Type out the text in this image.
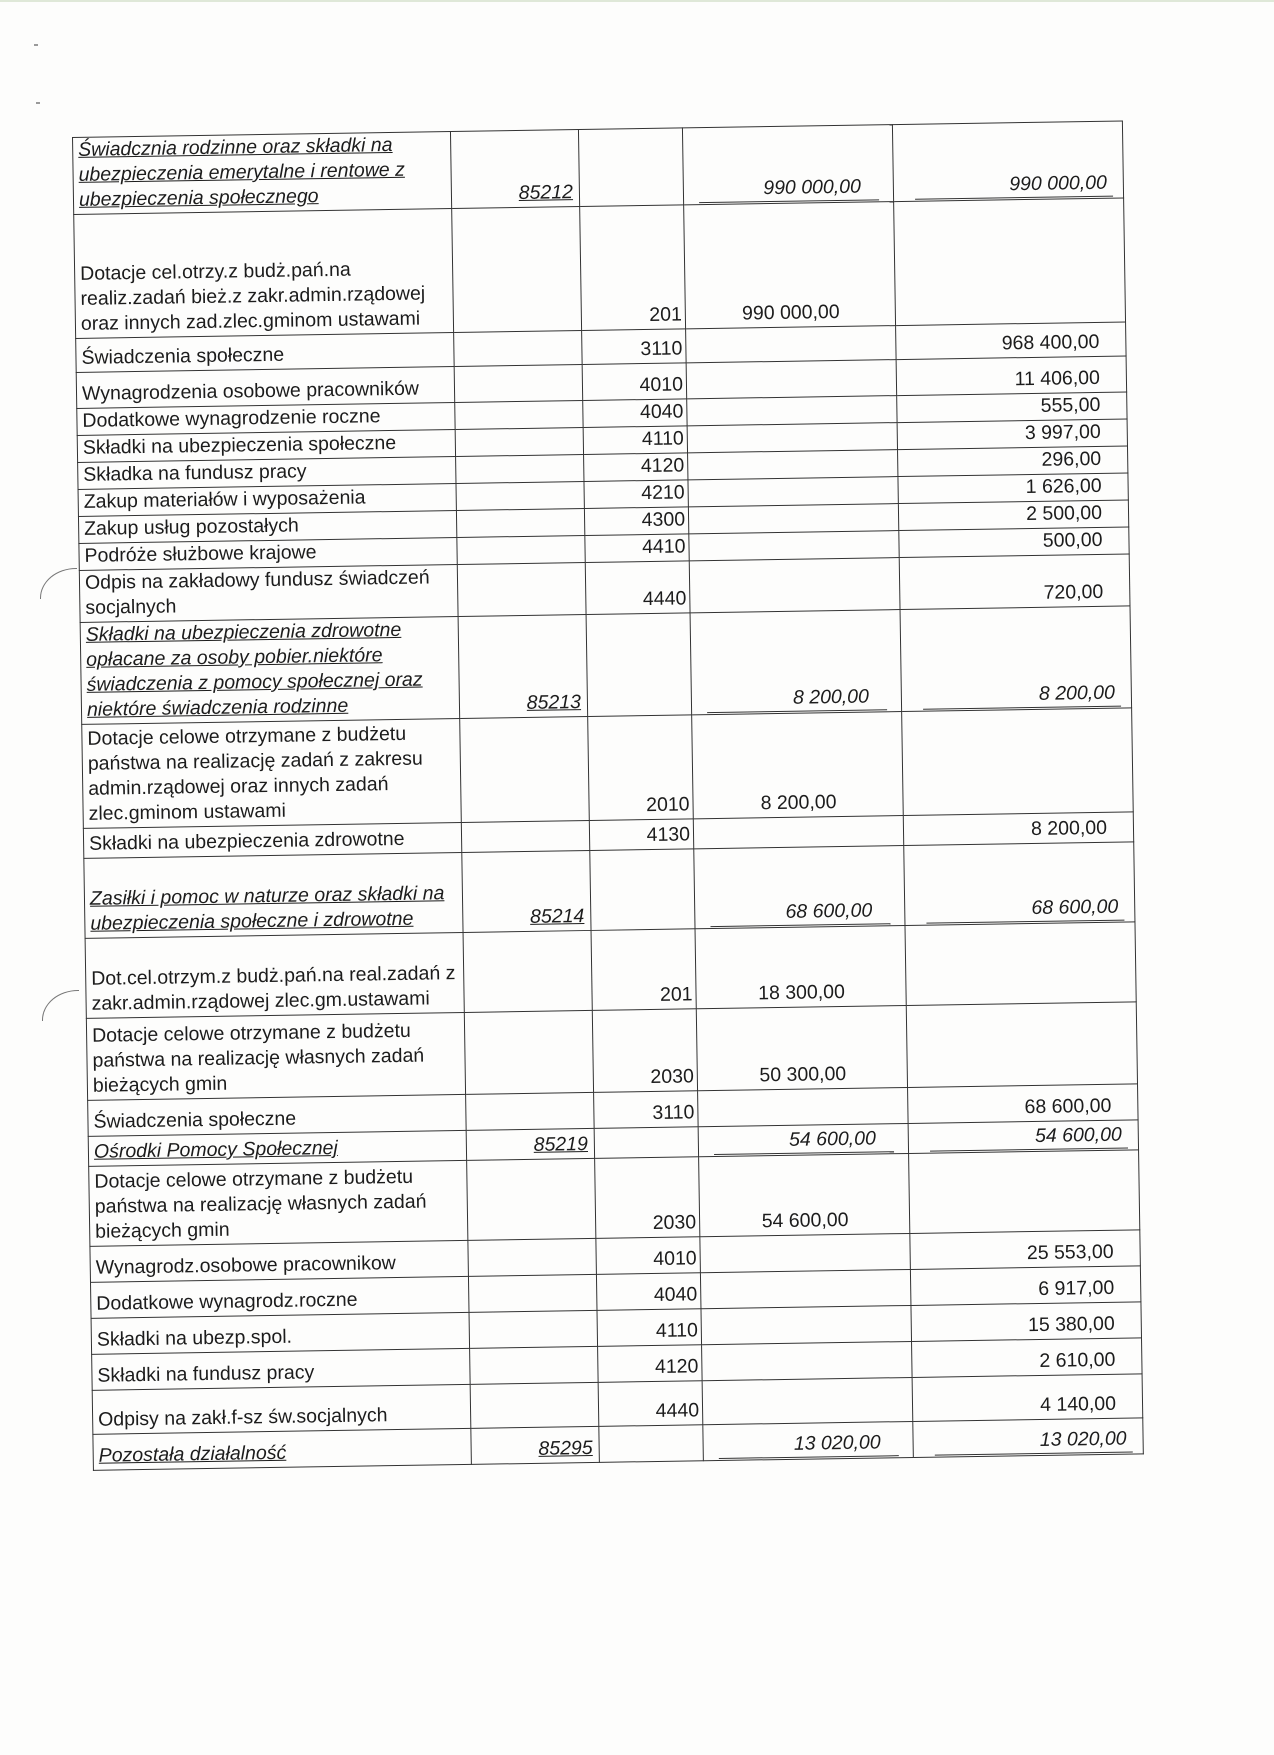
Świadcznia rodzinne oraz składki na ubezpieczenia emerytalne i rentowe z ubezpieczenia społecznego	85212		990 000,00	990 000,00
Dotacje cel.otrzy.z budż.pań.na realiz.zadań bież.z zakr.admin.rządowej oraz innych zad.zlec.gminom ustawami		201	990 000,00	
Świadczenia społeczne		3110		968 400,00
Wynagrodzenia osobowe pracowników		4010		11 406,00
Dodatkowe wynagrodzenie roczne		4040		555,00
Składki na ubezpieczenia społeczne		4110		3 997,00
Składka na fundusz pracy		4120		296,00
Zakup materiałów i wyposażenia		4210		1 626,00
Zakup usług pozostałych		4300		2 500,00
Podróże służbowe krajowe		4410		500,00
Odpis na zakładowy fundusz świadczeń socjalnych		4440		720,00
Składki na ubezpieczenia zdrowotne opłacane za osoby pobier.niektóre świadczenia z pomocy społecznej oraz niektóre świadczenia rodzinne	85213		8 200,00	8 200,00
Dotacje celowe otrzymane z budżetu państwa na realizację zadań z zakresu admin.rządowej oraz innych zadań zlec.gminom ustawami		2010	8 200,00	
Składki na ubezpieczenia zdrowotne		4130		8 200,00
Zasiłki i pomoc w naturze oraz składki na ubezpieczenia społeczne i zdrowotne	85214		68 600,00	68 600,00
Dot.cel.otrzym.z budż.pań.na real.zadań z zakr.admin.rządowej zlec.gm.ustawami		201	18 300,00	
Dotacje celowe otrzymane z budżetu państwa na realizację własnych zadań bieżących gmin		2030	50 300,00	
Świadczenia społeczne		3110		68 600,00
Ośrodki Pomocy Społecznej	85219		54 600,00	54 600,00
Dotacje celowe otrzymane z budżetu państwa na realizację własnych zadań bieżących gmin		2030	54 600,00	
Wynagrodz.osobowe pracownikow		4010		25 553,00
Dodatkowe wynagrodz.roczne		4040		6 917,00
Składki na ubezp.spol.		4110		15 380,00
Składki na fundusz pracy		4120		2 610,00
Odpisy na zakł.f-sz św.socjalnych		4440		4 140,00
Pozostała działalność	85295		13 020,00	13 020,00
